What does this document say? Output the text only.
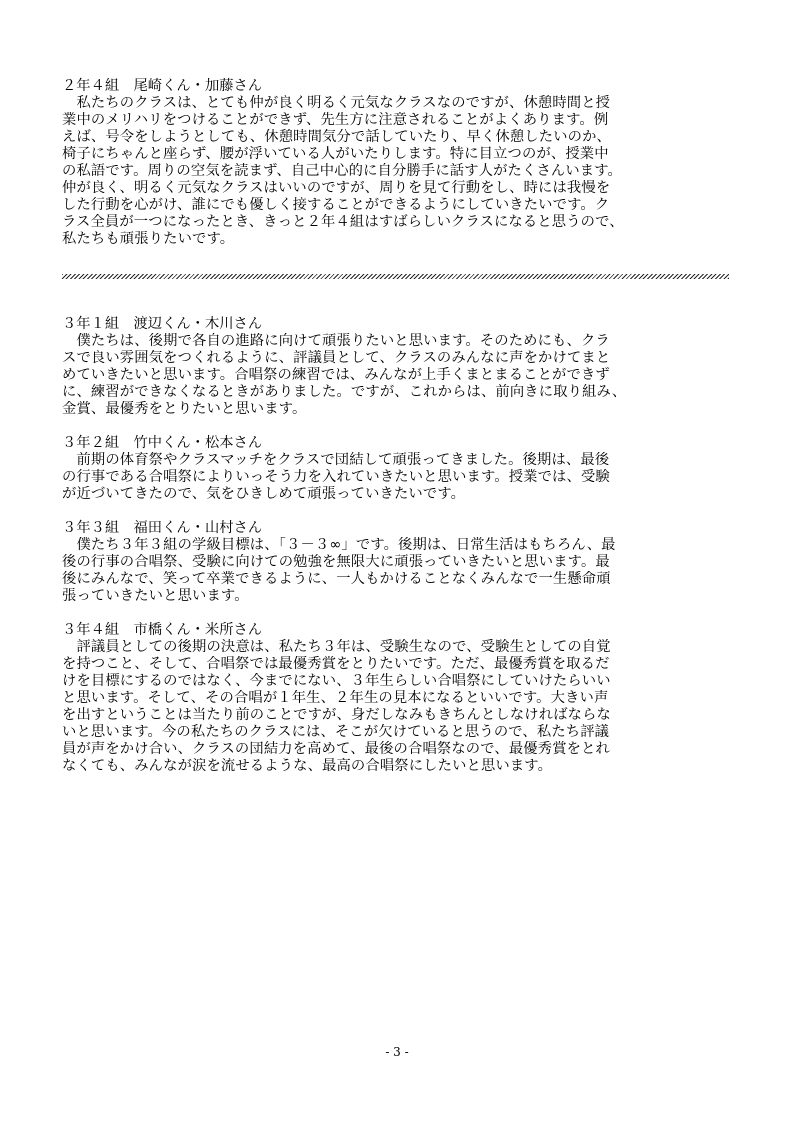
２年４組　尾崎くん・加藤さん
　私たちのクラスは、とても仲が良く明るく元気なクラスなのですが、休憩時間と授
業中のメリハリをつけることができず、先生方に注意されることがよくあります。例
えば、号令をしようとしても、休憩時間気分で話していたり、早く休憩したいのか、
椅子にちゃんと座らず、腰が浮いている人がいたりします。特に目立つのが、授業中
の私語です。周りの空気を読まず、自己中心的に自分勝手に話す人がたくさんいます。
仲が良く、明るく元気なクラスはいいのですが、周りを見て行動をし、時には我慢を
した行動を心がけ、誰にでも優しく接することができるようにしていきたいです。ク
ラス全員が一つになったとき、きっと２年４組はすばらしいクラスになると思うので、
私たちも頑張りたいです。
３年１組　渡辺くん・木川さん
　僕たちは、後期で各自の進路に向けて頑張りたいと思います。そのためにも、クラ
スで良い雰囲気をつくれるように、評議員として、クラスのみんなに声をかけてまと
めていきたいと思います。合唱祭の練習では、みんなが上手くまとまることができず
に、練習ができなくなるときがありました。ですが、これからは、前向きに取り組み、
金賞、最優秀をとりたいと思います。
３年２組　竹中くん・松本さん
　前期の体育祭やクラスマッチをクラスで団結して頑張ってきました。後期は、最後
の行事である合唱祭によりいっそう力を入れていきたいと思います。授業では、受験
が近づいてきたので、気をひきしめて頑張っていきたいです。
３年３組　福田くん・山村さん
　僕たち３年３組の学級目標は、「３－３∞」です。後期は、日常生活はもちろん、最
後の行事の合唱祭、受験に向けての勉強を無限大に頑張っていきたいと思います。最
後にみんなで、笑って卒業できるように、一人もかけることなくみんなで一生懸命頑
張っていきたいと思います。
３年４組　市橋くん・米所さん
　評議員としての後期の決意は、私たち３年は、受験生なので、受験生としての自覚
を持つこと、そして、合唱祭では最優秀賞をとりたいです。ただ、最優秀賞を取るだ
けを目標にするのではなく、今までにない、３年生らしい合唱祭にしていけたらいい
と思います。そして、その合唱が１年生、２年生の見本になるといいです。大きい声
を出すということは当たり前のことですが、身だしなみもきちんとしなければならな
いと思います。今の私たちのクラスには、そこが欠けていると思うので、私たち評議
員が声をかけ合い、クラスの団結力を高めて、最後の合唱祭なので、最優秀賞をとれ
なくても、みんなが涙を流せるような、最高の合唱祭にしたいと思います。
- 3 -
